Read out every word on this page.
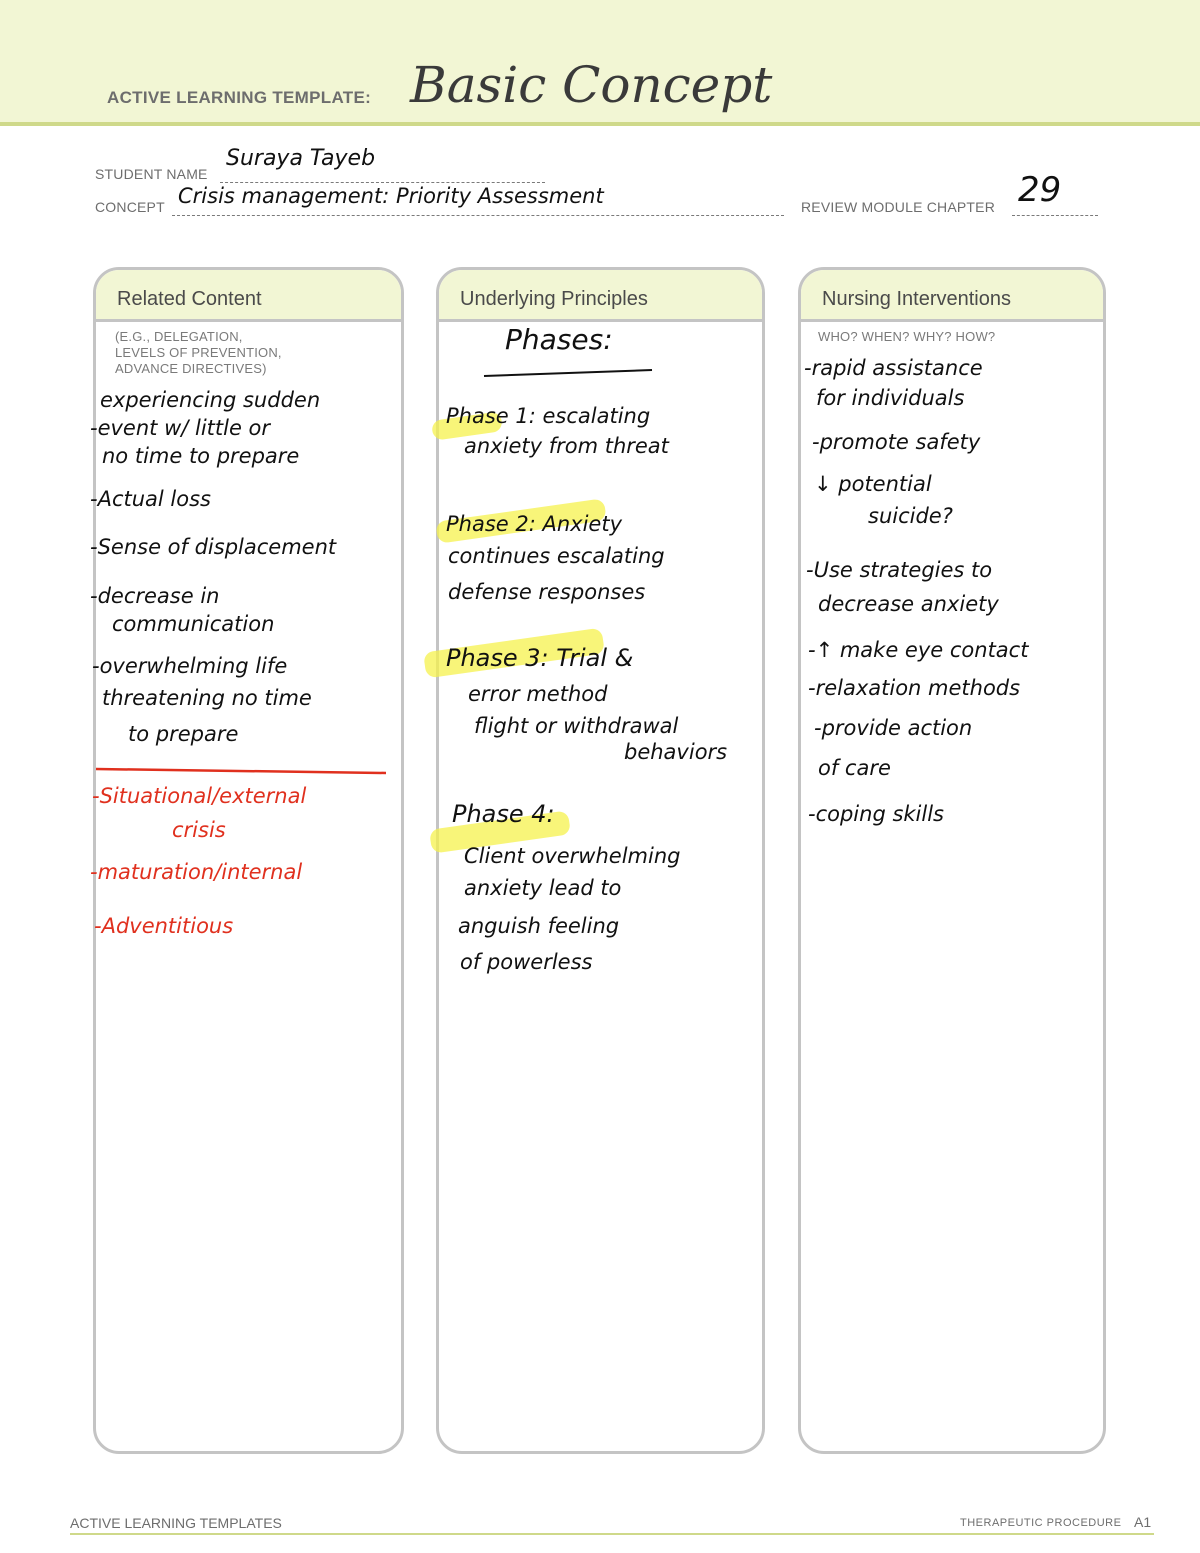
ACTIVE LEARNING TEMPLATE: Basic Concept
STUDENT NAME
Suraya Tayeb
CONCEPT Crisis management: Priority Assessment	REVIEW MODULE CHAPTER 29
Related Content
(E.G., DELEGATION,
LEVELS OF PREVENTION,
ADVANCE DIRECTIVES)
experiencing sudden
-event w/ little or
no time to prepare
-Actual loss
-Sense of displacement
-decrease in
communication
-overwhelming life
threatening no time
to prepare
-Situational/external
crisis
-maturation/internal
-Adventitious
Underlying Principles
Phases:
Phase 1: escalating
anxiety from threat
Phase 2: Anxiety
continues escalating
defense responses
Phase 3: Trial &
error method
flight or withdrawal
behaviors
Phase 4:
Client overwhelming
anxiety lead to
anguish feeling
of powerless
Nursing Interventions
WHO? WHEN? WHY? HOW?
-rapid assistance
for individuals
-promote safety
↓ potential
suicide?
-Use strategies to
decrease anxiety
-↑ make eye contact
-relaxation methods
-provide action
of care
-coping skills
ACTIVE LEARNING TEMPLATES	THERAPEUTIC PROCEDURE A1
